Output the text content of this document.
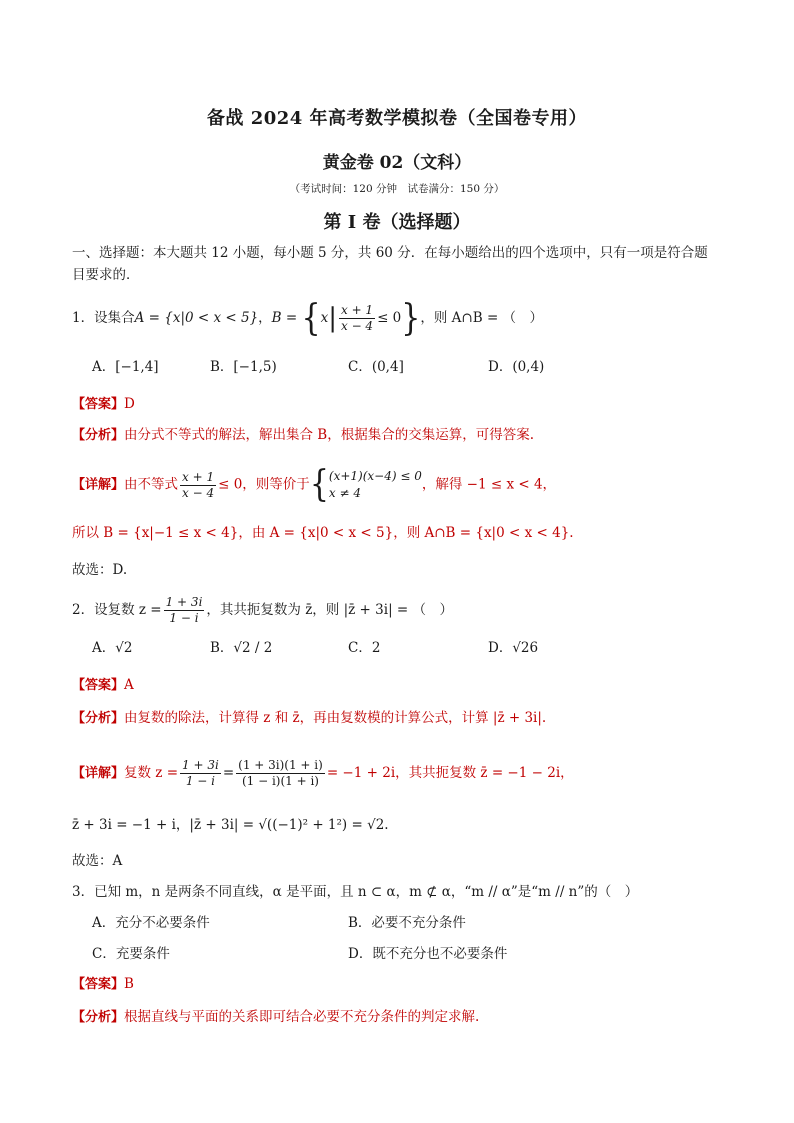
备战 2024 年高考数学模拟卷（全国卷专用）
黄金卷 02（文科）
（考试时间：120 分钟　试卷满分：150 分）
第 I 卷（选择题）
一、选择题：本大题共 12 小题，每小题 5 分，共 60 分．在每小题给出的四个选项中，只有一项是符合题
目要求的．
1．设集合A = {x|0 < x < 5}，$B = \{x| \frac{x + 1}{x - 4} \le 0\}$，则 A∩B = （　）
A．[−1,4]	B．[−1,5)	C．(0,4]	D．(0,4)
【答案】D
【分析】由分式不等式的解法，解出集合 B，根据集合的交集运算，可得答案.
【详解】由不等式 $\frac{x + 1}{x - 4} \le 0$，则等价于{ (x+1)(x−4) ≤ 0
x ≠ 4
，解得 −1 ≤ x < 4，
所以 B = {x|−1 ≤ x < 4}，由 A = {x|0 < x < 5}，则 A∩B = {x|0 < x < 4}.
故选：D.
2．设复数 $z = \frac{1 + 3i}{1 - i}$ ，其共扼复数为 z̄，则 |z̄ + 3i| = （　）
A．√2	B．√2 / 2	C．2	D．√26
【答案】A
【分析】由复数的除法，计算得 z 和 z̄，再由复数模的计算公式，计算 |z̄ + 3i|.
【详解】复数 $z = \frac{1 + 3i}{1 - i} = \frac{(1 + 3i)(1 + i)}{(1 - i)(1 + i)} = -1 + 2i$，其共扼复数 z̄ = −1 − 2i，
z̄ + 3i = −1 + i，|z̄ + 3i| = √((−1)² + 1²) = √2.
故选：A
3．已知 m，n 是两条不同直线，α 是平面，且 n ⊂ α，m ⊄ α，“m // α”是“m // n”的（　）
A．充分不必要条件	B．必要不充分条件
C．充要条件	D．既不充分也不必要条件
【答案】B
【分析】根据直线与平面的关系即可结合必要不充分条件的判定求解.
